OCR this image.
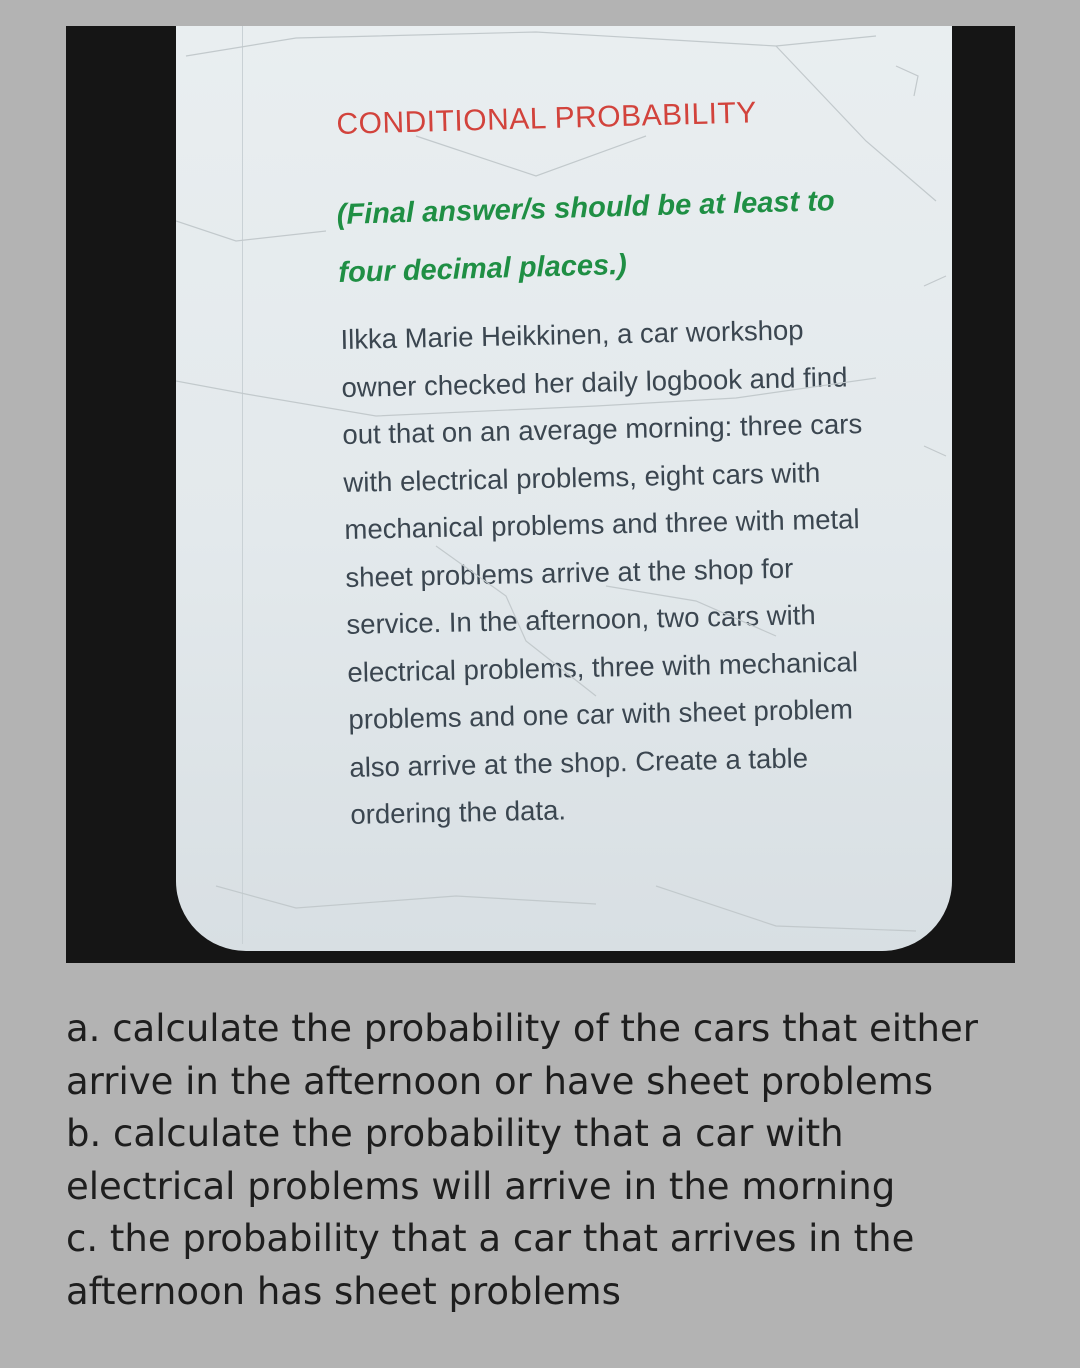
CONDITIONAL PROBABILITY
(Final answer/s should be at least to four decimal places.)
Ilkka Marie Heikkinen, a car workshop owner checked her daily logbook and find out that on an average morning: three cars with electrical problems, eight cars with mechanical problems and three with metal sheet problems arrive at the shop for service. In the afternoon, two cars with electrical problems, three with mechanical problems and one car with sheet problem also arrive at the shop. Create a table ordering the data.
a. calculate the probability of the cars that either
arrive in the afternoon or have sheet problems
b. calculate the probability that a car with
electrical problems will arrive in the morning
c. the probability that a car that arrives in the
afternoon has sheet problems
